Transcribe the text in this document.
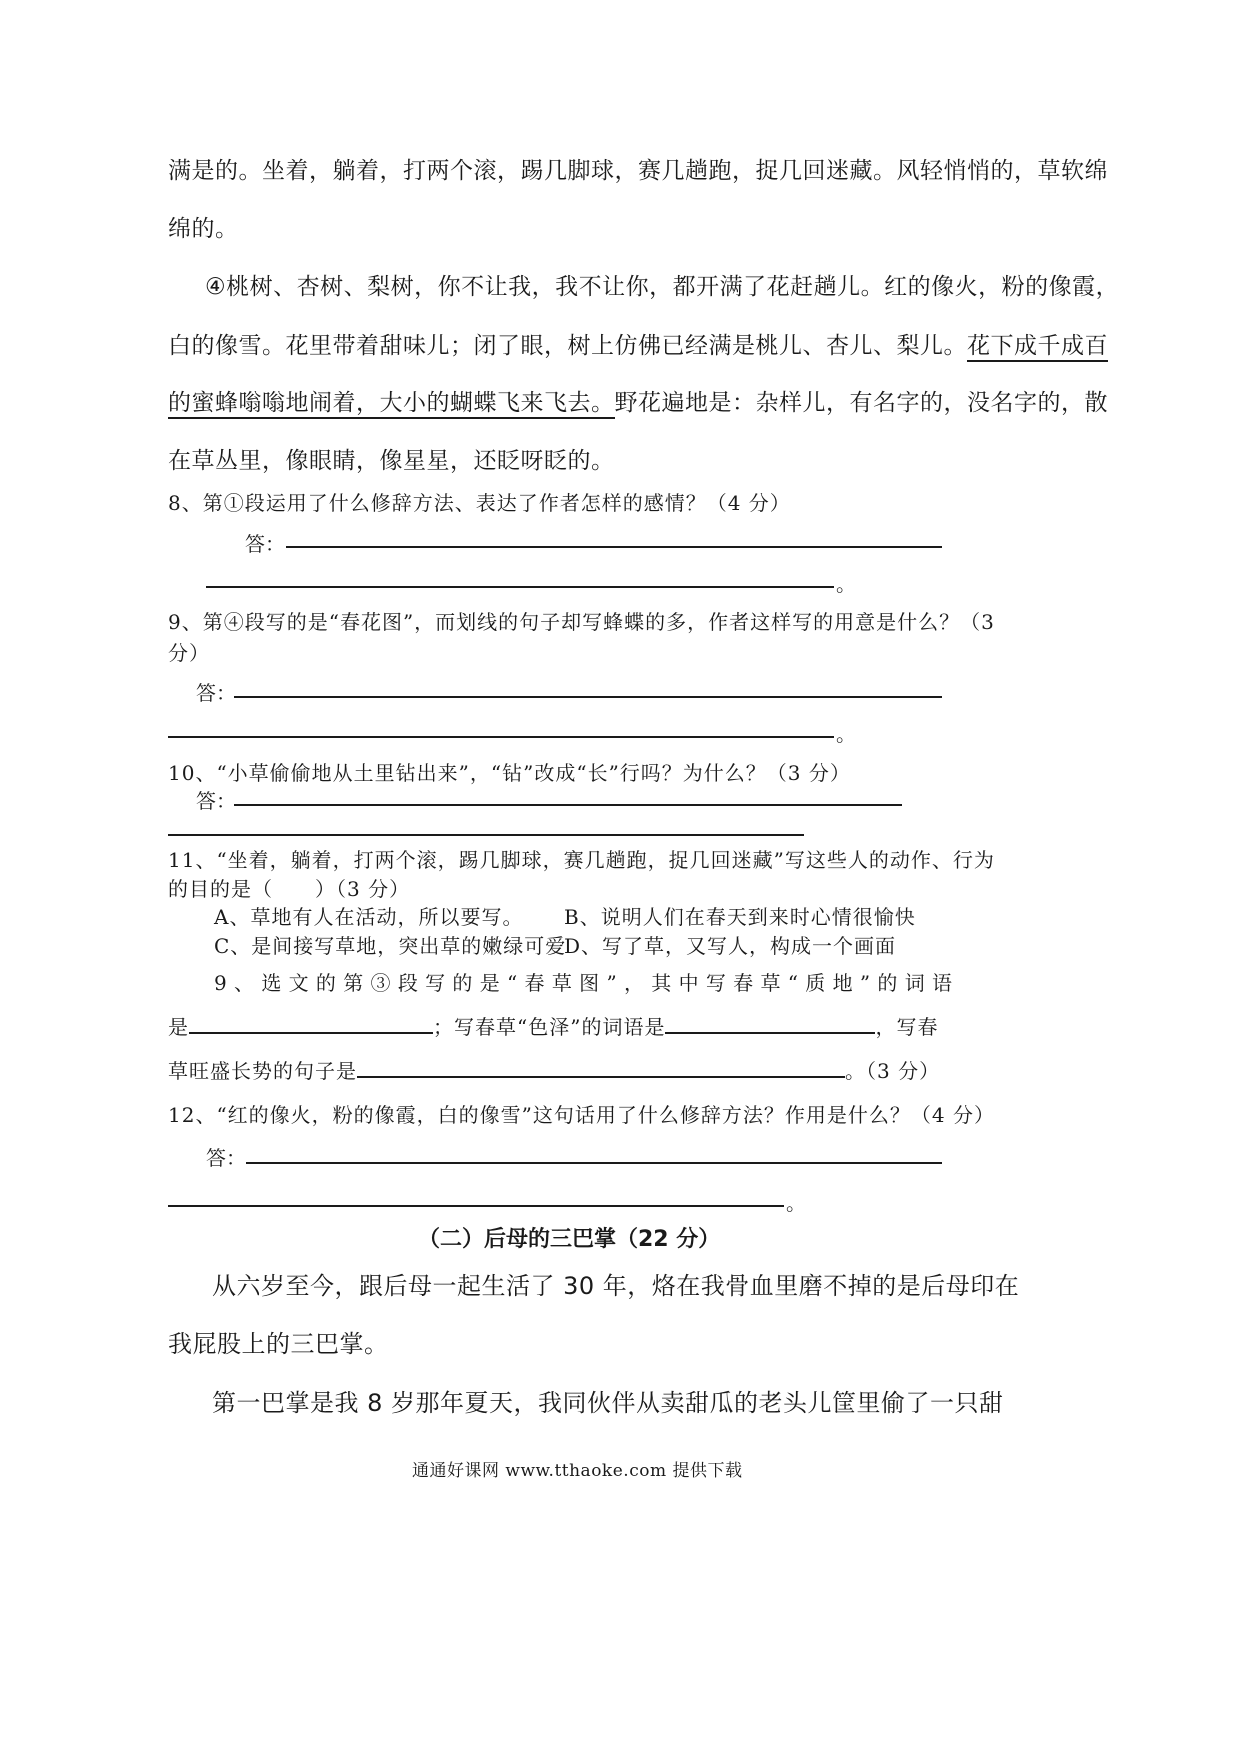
满是的。坐着，躺着，打两个滚，踢几脚球，赛几趟跑，捉几回迷藏。风轻悄悄的，草软绵
绵的。
④桃树、杏树、梨树，你不让我，我不让你，都开满了花赶趟儿。红的像火，粉的像霞，
白的像雪。花里带着甜味儿；闭了眼，树上仿佛已经满是桃儿、杏儿、梨儿。花下成千成百
的蜜蜂嗡嗡地闹着，大小的蝴蝶飞来飞去。野花遍地是：杂样儿，有名字的，没名字的，散
在草丛里，像眼睛，像星星，还眨呀眨的。
8、第①段运用了什么修辞方法、表达了作者怎样的感情？（4 分）
答：
。
9、第④段写的是“春花图”，而划线的句子却写蜂蝶的多，作者这样写的用意是什么？（3
分）
答：
。
10、“小草偷偷地从土里钻出来”，“钻”改成“长”行吗？为什么？（3 分）
答：
11、“坐着，躺着，打两个滚，踢几脚球，赛几趟跑，捉几回迷藏”写这些人的动作、行为
的目的是（　　）（3 分）
A、草地有人在活动，所以要写。 B、说明人们在春天到来时心情很愉快
C、是间接写草地，突出草的嫩绿可爱
D、写了草，又写人，构成一个画面
9、选文的第③段写的是“春草图”，其中写春草“质地”的词语
是	；写春草“色泽”的词语是	，写春
草旺盛长势的句子是	。（3 分）
12、“红的像火，粉的像霞，白的像雪”这句话用了什么修辞方法？作用是什么？（4 分）
答：
。
（二）后母的三巴掌（22 分）
从六岁至今，跟后母一起生活了 30 年，烙在我骨血里磨不掉的是后母印在
我屁股上的三巴掌。
第一巴掌是我 8 岁那年夏天，我同伙伴从卖甜瓜的老头儿筐里偷了一只甜
通通好课网 www.tthaoke.com 提供下载
